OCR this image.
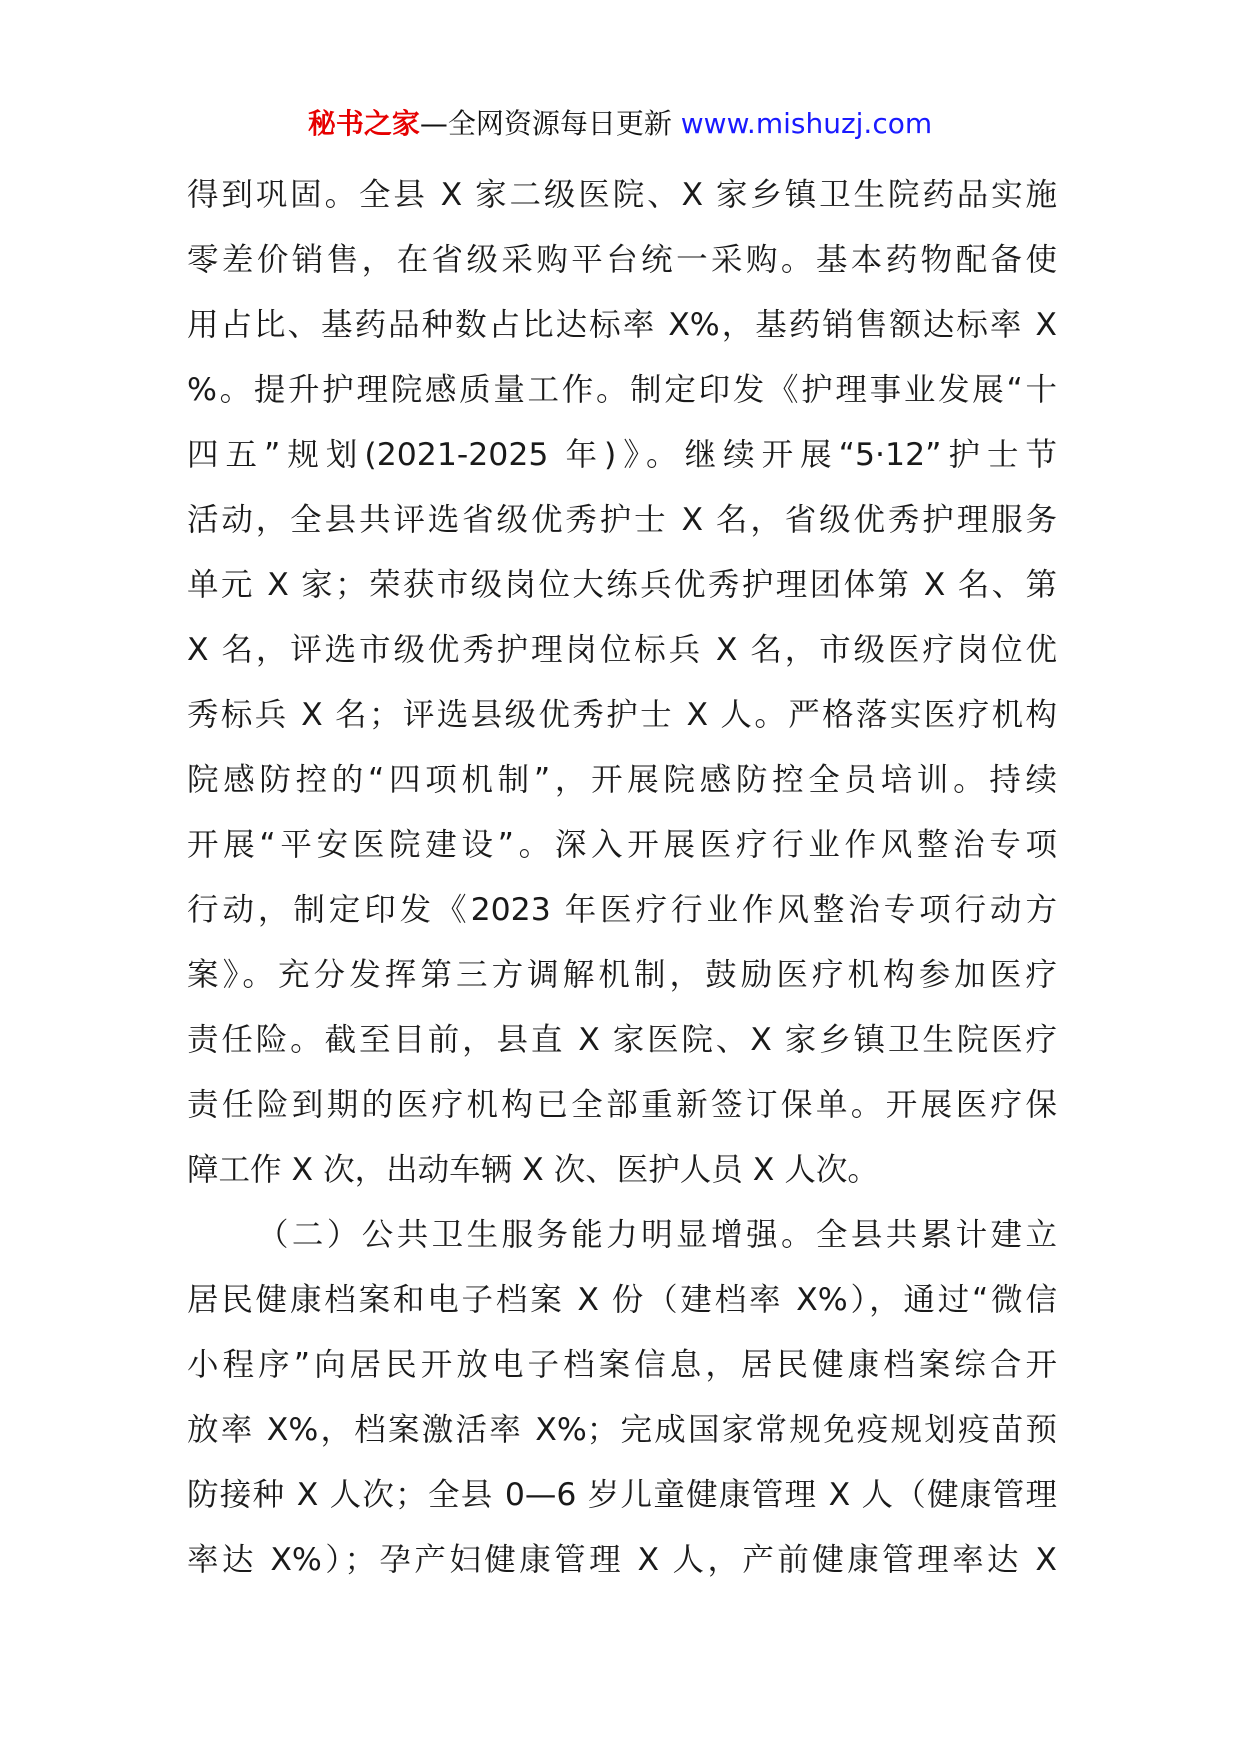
秘书之家—全网资源每日更新 www.mishuzj.com
得到巩固。全县 X 家二级医院、X 家乡镇卫生院药品实施
零差价销售，在省级采购平台统一采购。基本药物配备使
用占比、基药品种数占比达标率 X%，基药销售额达标率 X
%。提升护理院感质量工作。制定印发《护理事业发展“十
四五”规划(2021-2025 年)》。继续开展“5·12”护士节
活动，全县共评选省级优秀护士 X 名，省级优秀护理服务
单元 X 家；荣获市级岗位大练兵优秀护理团体第 X 名、第
X 名，评选市级优秀护理岗位标兵 X 名，市级医疗岗位优
秀标兵 X 名；评选县级优秀护士 X 人。严格落实医疗机构
院感防控的“四项机制”，开展院感防控全员培训。持续
开展“平安医院建设”。深入开展医疗行业作风整治专项
行动，制定印发《2023 年医疗行业作风整治专项行动方
案》。充分发挥第三方调解机制，鼓励医疗机构参加医疗
责任险。截至目前，县直 X 家医院、X 家乡镇卫生院医疗
责任险到期的医疗机构已全部重新签订保单。开展医疗保
障工作 X 次，出动车辆 X 次、医护人员 X 人次。
（二）公共卫生服务能力明显增强。全县共累计建立
居民健康档案和电子档案 X 份（建档率 X%），通过“微信
小程序”向居民开放电子档案信息，居民健康档案综合开
放率 X%，档案激活率 X%；完成国家常规免疫规划疫苗预
防接种 X 人次；全县 0—6 岁儿童健康管理 X 人（健康管理
率达 X%）；孕产妇健康管理 X 人，产前健康管理率达 X
